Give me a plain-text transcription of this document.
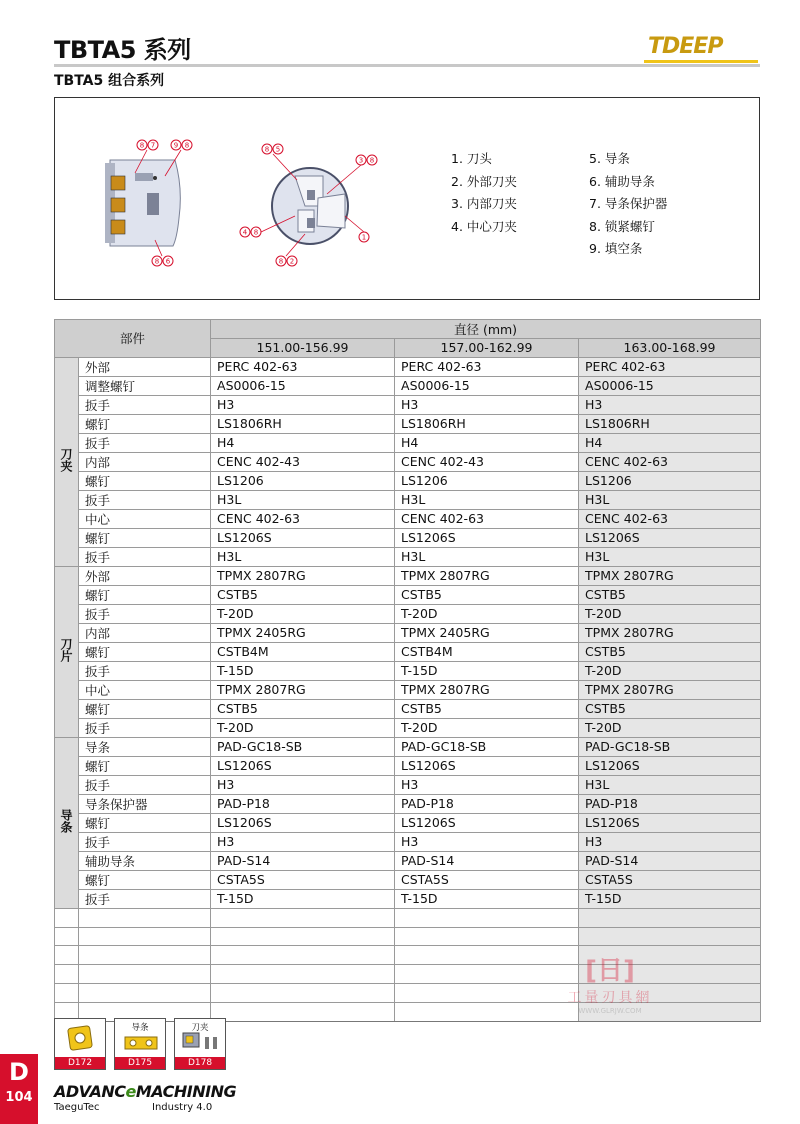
TBTA5 系列	TDEEP
TBTA5 组合系列
8 7	9 8	8 5
3 8
4 8
1
8 2
8 6
1. 刀头
2. 外部刀夹
3. 内部刀夹
4. 中心刀夹
5. 导条
6. 辅助导条
7. 导条保护器
8. 锁紧螺钉
9. 填空条
部件		直径 (mm)		
		151.00-156.99	157.00-162.99	163.00-168.99
刀夹	外部	PERC 402-63	PERC 402-63	PERC 402-63
	调整螺钉	AS0006-15	AS0006-15	AS0006-15
	扳手	H3	H3	H3
	螺钉	LS1806RH	LS1806RH	LS1806RH
	扳手	H4	H4	H4
	内部	CENC 402-43	CENC 402-43	CENC 402-63
	螺钉	LS1206	LS1206	LS1206
	扳手	H3L	H3L	H3L
	中心	CENC 402-63	CENC 402-63	CENC 402-63
	螺钉	LS1206S	LS1206S	LS1206S
	扳手	H3L	H3L	H3L
刀片	外部	TPMX 2807RG	TPMX 2807RG	TPMX 2807RG
	螺钉	CSTB5	CSTB5	CSTB5
	扳手	T-20D	T-20D	T-20D
	内部	TPMX 2405RG	TPMX 2405RG	TPMX 2807RG
	螺钉	CSTB4M	CSTB4M	CSTB5
	扳手	T-15D	T-15D	T-20D
	中心	TPMX 2807RG	TPMX 2807RG	TPMX 2807RG
	螺钉	CSTB5	CSTB5	CSTB5
	扳手	T-20D	T-20D	T-20D
导条	导条	PAD-GC18-SB	PAD-GC18-SB	PAD-GC18-SB
	螺钉	LS1206S	LS1206S	LS1206S
	扳手	H3	H3	H3L
	导条保护器	PAD-P18	PAD-P18	PAD-P18
	螺钉	LS1206S	LS1206S	LS1206S
	扳手	H3	H3	H3
	辅助导条	PAD-S14	PAD-S14	PAD-S14
	螺钉	CSTA5S	CSTA5S	CSTA5S
	扳手	T-15D	T-15D	T-15D

[日]
工量刃具網
WWW.GLRJW.COM
D172
导条
D175
刀夹
D178
D
104	ADVANCeMACHINING
TaeguTec	Industry 4.0
